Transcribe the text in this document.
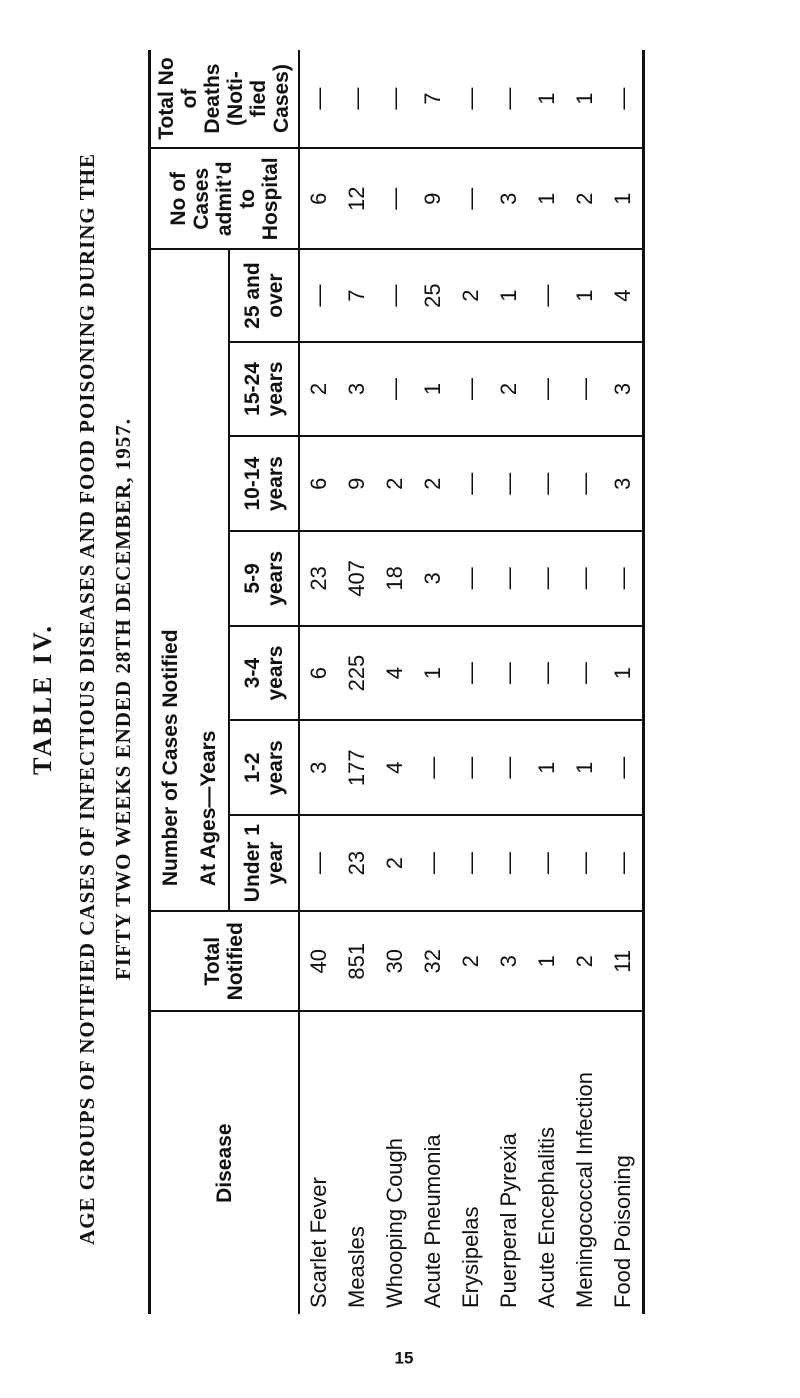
TABLE IV. AGE GROUPS OF NOTIFIED CASES OF INFECTIOUS DISEASES AND FOOD POISONING DURING THE FIFTY TWO WEEKS ENDED 28TH DECEMBER, 1957.
Disease	Total Notified	Number of Cases Notified							No of Cases admit’d to Hospital	Total No of Deaths (Noti-fied Cases)
		At Ages—Years								
		Under 1 year	1-2 years	3-4 years	5-9 years	10-14 years	15-24 years	25 and over		
Scarlet Fever	40	—	3	6	23	6	2	—	6	—
Measles	851	23	177	225	407	9	3	7	12	—
Whooping Cough	30	2	4	4	18	2	—	—	—	—
Acute Pneumonia	32	—	—	1	3	2	1	25	9	7
Erysipelas	2	—	—	—	—	—	—	2	—	—
Puerperal Pyrexia	3	—	—	—	—	—	2	1	3	—
Acute Encephalitis	1	—	1	—	—	—	—	—	1	1
Meningococcal Infection	2	—	1	—	—	—	—	1	2	1
Food Poisoning	11	—	—	1	—	3	3	4	1	—
15
